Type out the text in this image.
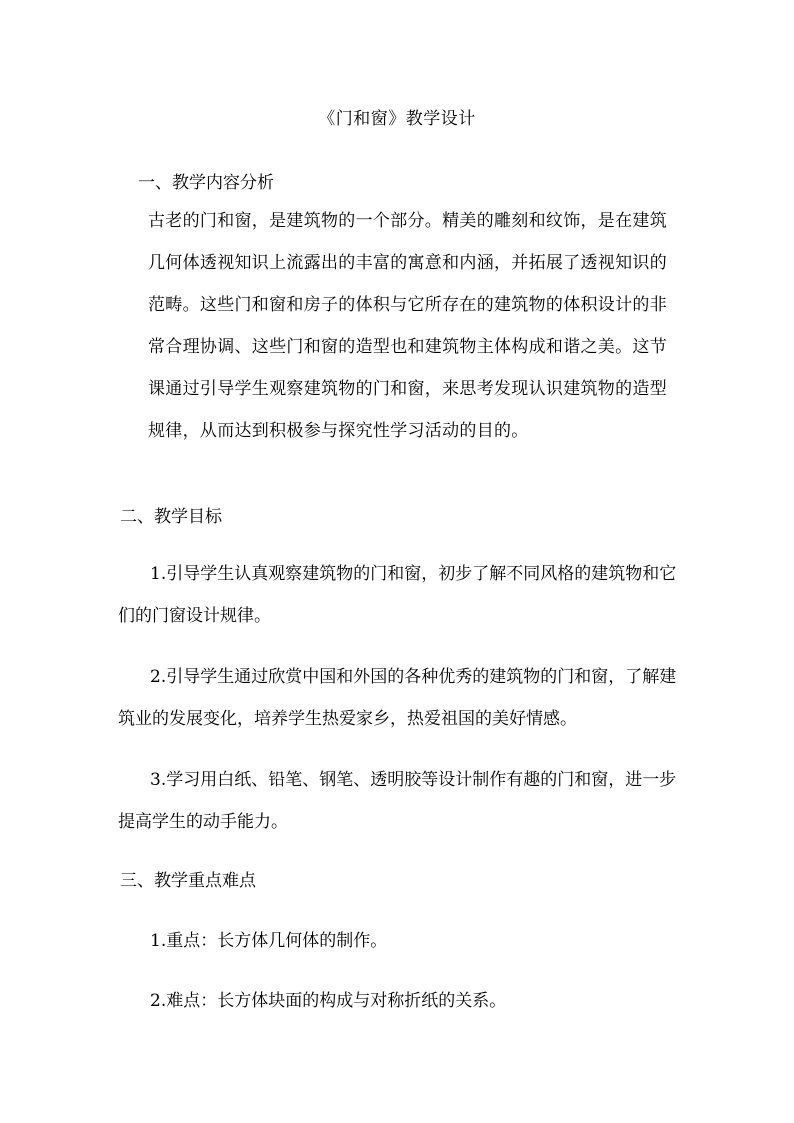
《门和窗》教学设计
一、教学内容分析

古老的门和窗，是建筑物的一个部分。精美的雕刻和纹饰，是在建筑几何体透视知识上流露出的丰富的寓意和内涵，并拓展了透视知识的范畴。这些门和窗和房子的体积与它所存在的建筑物的体积设计的非常合理协调、这些门和窗的造型也和建筑物主体构成和谐之美。这节课通过引导学生观察建筑物的门和窗，来思考发现认识建筑物的造型规律，从而达到积极参与探究性学习活动的目的。

二、教学目标

1.引导学生认真观察建筑物的门和窗，初步了解不同风格的建筑物和它们的门窗设计规律。

2.引导学生通过欣赏中国和外国的各种优秀的建筑物的门和窗，了解建筑业的发展变化，培养学生热爱家乡，热爱祖国的美好情感。

3.学习用白纸、铅笔、钢笔、透明胶等设计制作有趣的门和窗，进一步提高学生的动手能力。

三、教学重点难点

1.重点：长方体几何体的制作。

2.难点：长方体块面的构成与对称折纸的关系。
